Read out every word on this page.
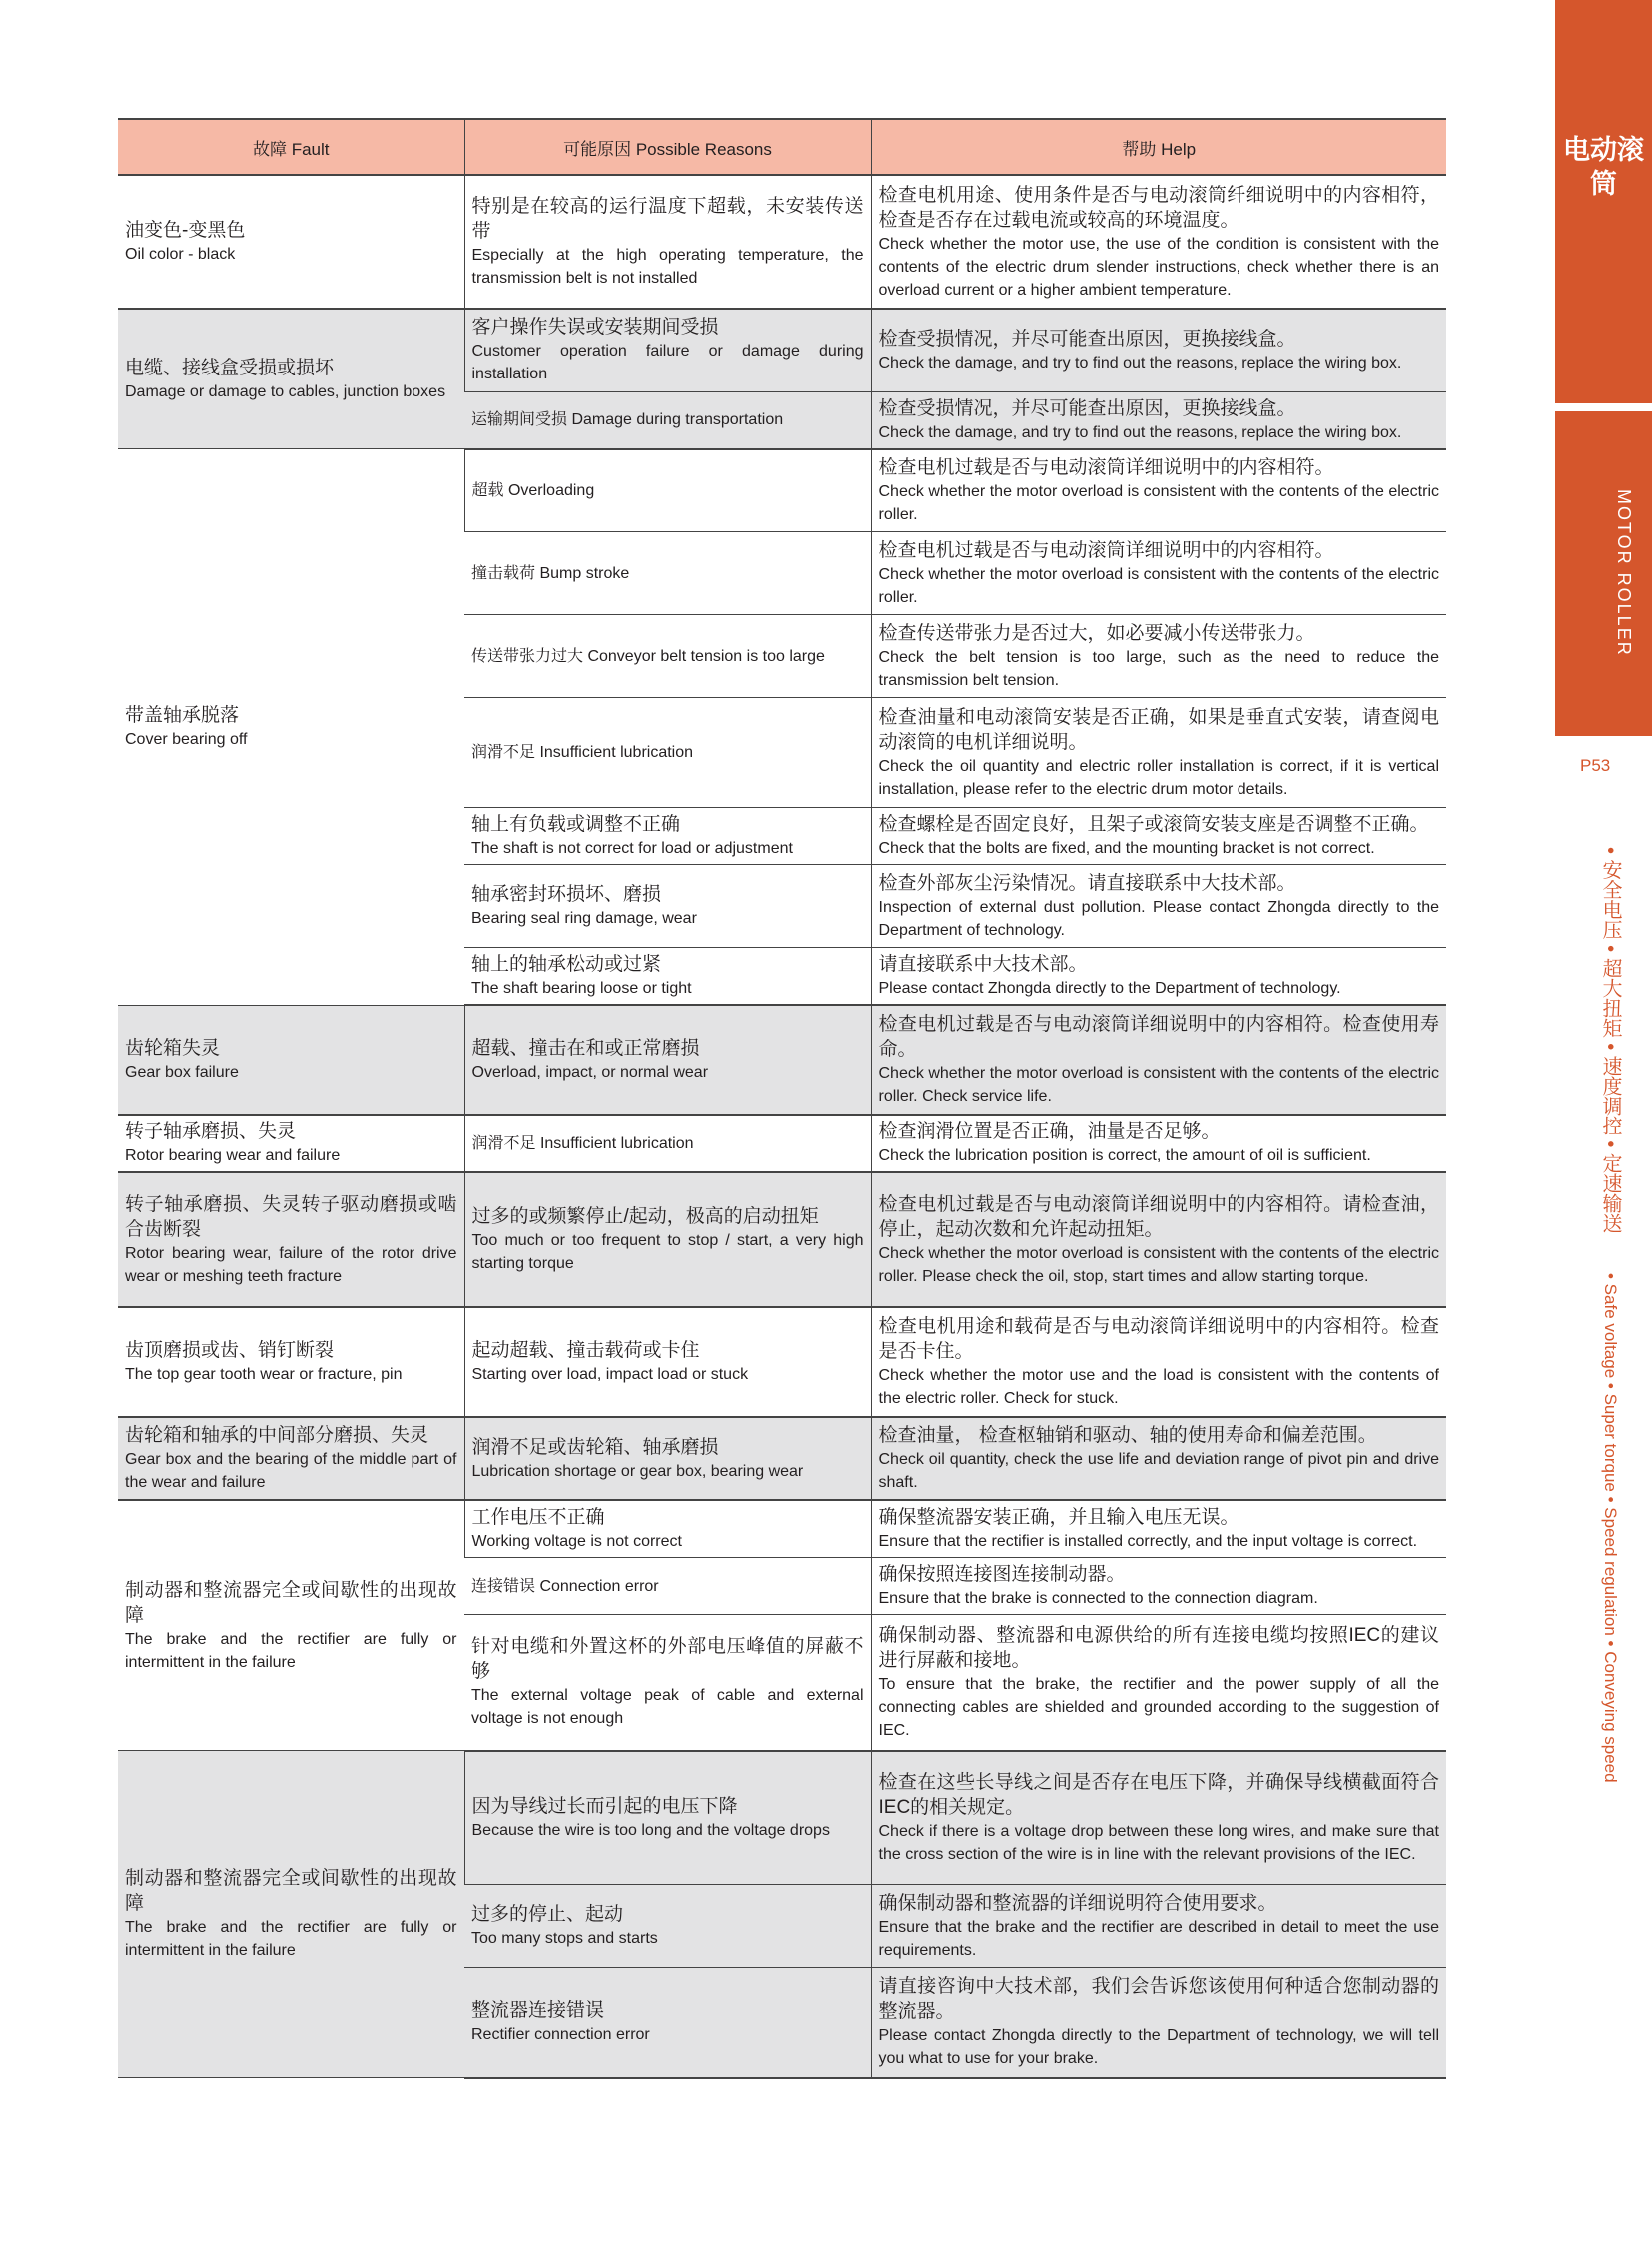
电动滚筒
MOTOR ROLLER
P53
• 安全电压 • 超大扭矩 • 速度调控 • 定速输送
• Safe voltage • Super torque • Speed regulation • Conveying speed
故障 Fault	可能原因 Possible Reasons	帮助 Help

油变色-变黑色
Oil color - black	特别是在较高的运行温度下超载，未安装传送带
Especially at the high operating temperature, the transmission belt is not installed	检查电机用途、使用条件是否与电动滚筒纤细说明中的内容相符，检查是否存在过载电流或较高的环境温度。
Check whether the motor use, the use of the condition is consistent with the contents of the electric drum slender instructions, check whether there is an overload current or a higher ambient temperature.

电缆、接线盒受损或损坏
Damage or damage to cables, junction boxes	客户操作失误或安装期间受损
Customer operation failure or damage during installation	检查受损情况，并尽可能查出原因，更换接线盒。
Check the damage, and try to find out the reasons, replace the wiring box.

	运输期间受损 Damage during transportation	检查受损情况，并尽可能查出原因，更换接线盒。
Check the damage, and try to find out the reasons, replace the wiring box.

带盖轴承脱落
Cover bearing off	超载 Overloading	检查电机过载是否与电动滚筒详细说明中的内容相符。
Check whether the motor overload is consistent with the contents of the electric roller.

	撞击载荷 Bump stroke	检查电机过载是否与电动滚筒详细说明中的内容相符。
Check whether the motor overload is consistent with the contents of the electric roller.

	传送带张力过大 Conveyor belt tension is too large	检查传送带张力是否过大，如必要减小传送带张力。
Check the belt tension is too large, such as the need to reduce the transmission belt tension.

	润滑不足 Insufficient lubrication	检查油量和电动滚筒安装是否正确，如果是垂直式安装，请查阅电动滚筒的电机详细说明。
Check the oil quantity and electric roller installation is correct, if it is vertical installation, please refer to the electric drum motor details.

	轴上有负载或调整不正确
The shaft is not correct for load or adjustment	检查螺栓是否固定良好，且架子或滚筒安装支座是否调整不正确。
Check that the bolts are fixed, and the mounting bracket is not correct.

	轴承密封环损坏、磨损
Bearing seal ring damage, wear	检查外部灰尘污染情况。请直接联系中大技术部。
Inspection of external dust pollution. Please contact Zhongda directly to the Department of technology.

	轴上的轴承松动或过紧
The shaft bearing loose or tight	请直接联系中大技术部。
Please contact Zhongda directly to the Department of technology.

齿轮箱失灵
Gear box failure	超载、撞击在和或正常磨损
Overload, impact, or normal wear	检查电机过载是否与电动滚筒详细说明中的内容相符。检查使用寿命。
Check whether the motor overload is consistent with the contents of the electric roller. Check service life.

转子轴承磨损、失灵
Rotor bearing wear and failure	润滑不足 Insufficient lubrication	检查润滑位置是否正确，油量是否足够。
Check the lubrication position is correct, the amount of oil is sufficient.

转子轴承磨损、失灵转子驱动磨损或啮合齿断裂
Rotor bearing wear, failure of the rotor drive wear or meshing teeth fracture	过多的或频繁停止/起动，极高的启动扭矩
Too much or too frequent to stop / start, a very high starting torque	检查电机过载是否与电动滚筒详细说明中的内容相符。请检查油，停止，起动次数和允许起动扭矩。
Check whether the motor overload is consistent with the contents of the electric roller. Please check the oil, stop, start times and allow starting torque.

齿顶磨损或齿、销钉断裂
The top gear tooth wear or fracture, pin	起动超载、撞击载荷或卡住
Starting over load, impact load or stuck	检查电机用途和载荷是否与电动滚筒详细说明中的内容相符。检查是否卡住。
Check whether the motor use and the load is consistent with the contents of the electric roller. Check for stuck.

齿轮箱和轴承的中间部分磨损、失灵
Gear box and the bearing of the middle part of the wear and failure	润滑不足或齿轮箱、轴承磨损
Lubrication shortage or gear box, bearing wear	检查油量， 检查枢轴销和驱动、轴的使用寿命和偏差范围。
Check oil quantity, check the use life and deviation range of pivot pin and drive shaft.

制动器和整流器完全或间歇性的出现故障
The brake and the rectifier are fully or intermittent in the failure	工作电压不正确
Working voltage is not correct	确保整流器安装正确，并且输入电压无误。
Ensure that the rectifier is installed correctly, and the input voltage is correct.

	连接错误 Connection error	确保按照连接图连接制动器。
Ensure that the brake is connected to the connection diagram.

	针对电缆和外置这杯的外部电压峰值的屏蔽不够
The external voltage peak of cable and external voltage is not enough	确保制动器、整流器和电源供给的所有连接电缆均按照IEC的建议进行屏蔽和接地。
To ensure that the brake, the rectifier and the power supply of all the connecting cables are shielded and grounded according to the suggestion of IEC.

制动器和整流器完全或间歇性的出现故障
The brake and the rectifier are fully or intermittent in the failure	因为导线过长而引起的电压下降
Because the wire is too long and the voltage drops	检查在这些长导线之间是否存在电压下降，并确保导线横截面符合IEC的相关规定。
Check if there is a voltage drop between these long wires, and make sure that the cross section of the wire is in line with the relevant provisions of the IEC.

	过多的停止、起动
Too many stops and starts	确保制动器和整流器的详细说明符合使用要求。
Ensure that the brake and the rectifier are described in detail to meet the use requirements.

	整流器连接错误
Rectifier connection error	请直接咨询中大技术部，我们会告诉您该使用何种适合您制动器的整流器。
Please contact Zhongda directly to the Department of technology, we will tell you what to use for your brake.
